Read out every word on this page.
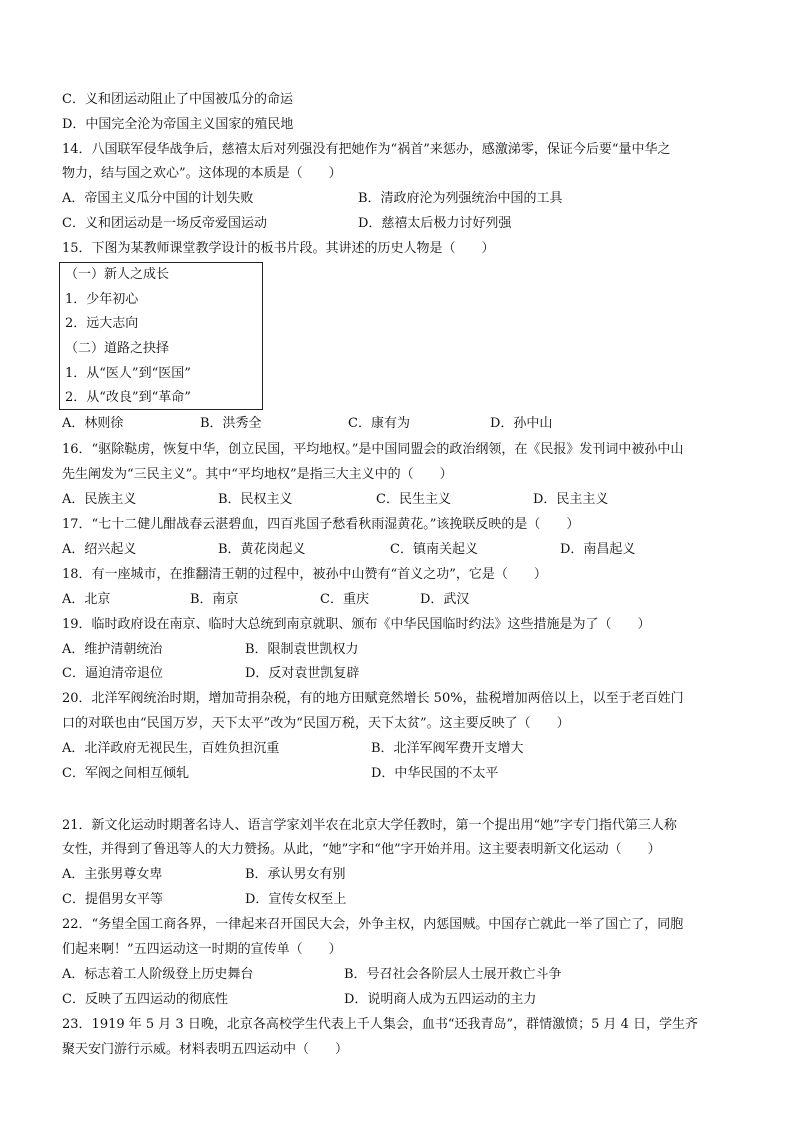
C．义和团运动阻止了中国被瓜分的命运
D．中国完全沦为帝国主义国家的殖民地
14．八国联军侵华战争后，慈禧太后对列强没有把她作为“祸首”来惩办，感激涕零，保证今后要“量中华之
物力，结与国之欢心”。这体现的本质是（　　）
A．帝国主义瓜分中国的计划失败	B．清政府沦为列强统治中国的工具
C．义和团运动是一场反帝爱国运动	D．慈禧太后极力讨好列强
15．下图为某教师课堂教学设计的板书片段。其讲述的历史人物是（　　）
（一）新人之成长
1．少年初心
2．远大志向
（二）道路之抉择
1．从“医人”到“医国”
2．从“改良”到“革命”
A．林则徐	B．洪秀全	C．康有为	D．孙中山
16．“驱除鞑虏，恢复中华，创立民国，平均地权。”是中国同盟会的政治纲领，在《民报》发刊词中被孙中山
先生阐发为“三民主义”。其中“平均地权”是指三大主义中的（　　）
A．民族主义	B．民权主义	C．民生主义	D．民主主义
17．“七十二健儿酣战春云湛碧血，四百兆国子愁看秋雨湿黄花。”该挽联反映的是（　　）
A．绍兴起义	B．黄花岗起义	C．镇南关起义	D．南昌起义
18．有一座城市，在推翻清王朝的过程中，被孙中山赞有“首义之功”，它是（　　）
A．北京	B．南京	C．重庆	D．武汉
19．临时政府设在南京、临时大总统到南京就职、颁布《中华民国临时约法》这些措施是为了（　　）
A．维护清朝统治	B．限制袁世凯权力
C．逼迫清帝退位	D．反对袁世凯复辟
20．北洋军阀统治时期，增加苛捐杂税，有的地方田赋竟然增长 50%，盐税增加两倍以上，以至于老百姓门
口的对联也由“民国万岁，天下太平”改为“民国万税，天下太贫”。这主要反映了（　　）
A．北洋政府无视民生，百姓负担沉重	B．北洋军阀军费开支增大
C．军阀之间相互倾轧	D．中华民国的不太平
21．新文化运动时期著名诗人、语言学家刘半农在北京大学任教时，第一个提出用“她”字专门指代第三人称
女性，并得到了鲁迅等人的大力赞扬。从此，“她”字和“他”字开始并用。这主要表明新文化运动（　　）
A．主张男尊女卑	B．承认男女有别
C．提倡男女平等	D．宣传女权至上
22．“务望全国工商各界，一律起来召开国民大会，外争主权，内惩国贼。中国存亡就此一举了国亡了，同胞
们起来啊！”五四运动这一时期的宣传单（　　）
A．标志着工人阶级登上历史舞台	B．号召社会各阶层人士展开救亡斗争
C．反映了五四运动的彻底性	D．说明商人成为五四运动的主力
23．1919 年 5 月 3 日晚，北京各高校学生代表上千人集会，血书“还我青岛”，群情激愤；5 月 4 日，学生齐
聚天安门游行示威。材料表明五四运动中（　　）
